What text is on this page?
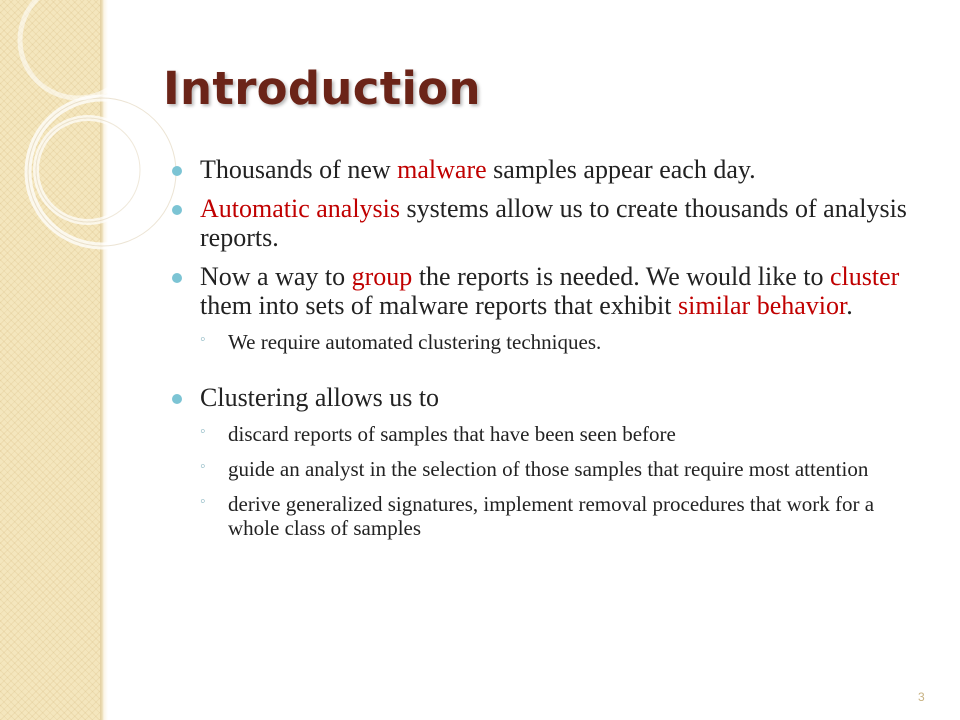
Introduction
Thousands of new malware samples appear each day.
Automatic analysis systems allow us to create thousands of analysis reports.
Now a way to group the reports is needed. We would like to cluster them into sets of malware reports that exhibit similar behavior.
◦ We require automated clustering techniques.
Clustering allows us to
◦ discard reports of samples that have been seen before
◦ guide an analyst in the selection of those samples that require most attention
◦ derive generalized signatures, implement removal procedures that work for a whole class of samples
3
